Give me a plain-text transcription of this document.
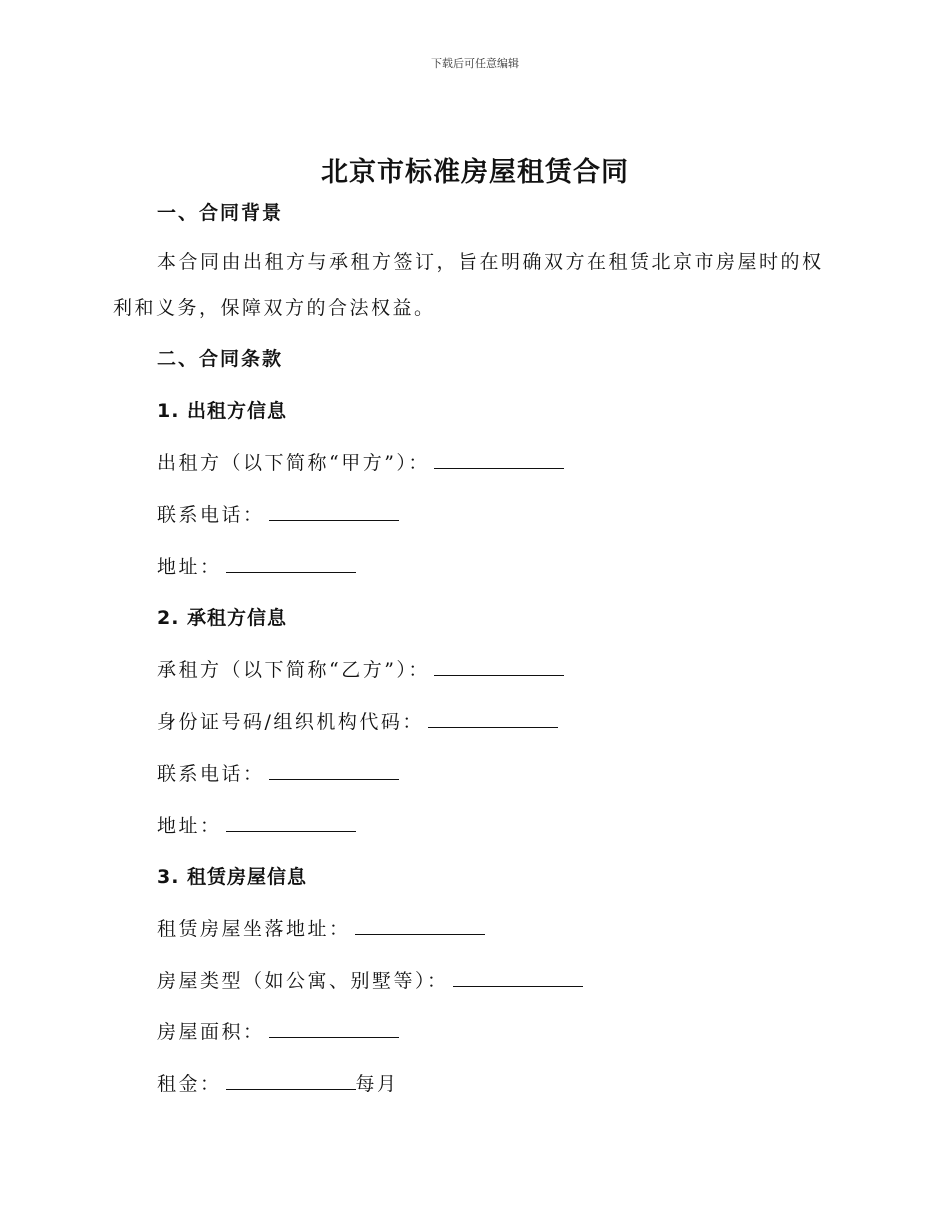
下载后可任意编辑
北京市标准房屋租赁合同
一、合同背景
本合同由出租方与承租方签订，旨在明确双方在租赁北京市房屋时的权利和义务，保障双方的合法权益。
二、合同条款
1. 出租方信息
出租方（以下简称“甲方”）：
联系电话：
地址：
2. 承租方信息
承租方（以下简称“乙方”）：
身份证号码/组织机构代码：
联系电话：
地址：
3. 租赁房屋信息
租赁房屋坐落地址：
房屋类型（如公寓、别墅等）：
房屋面积：
租金：	每月
